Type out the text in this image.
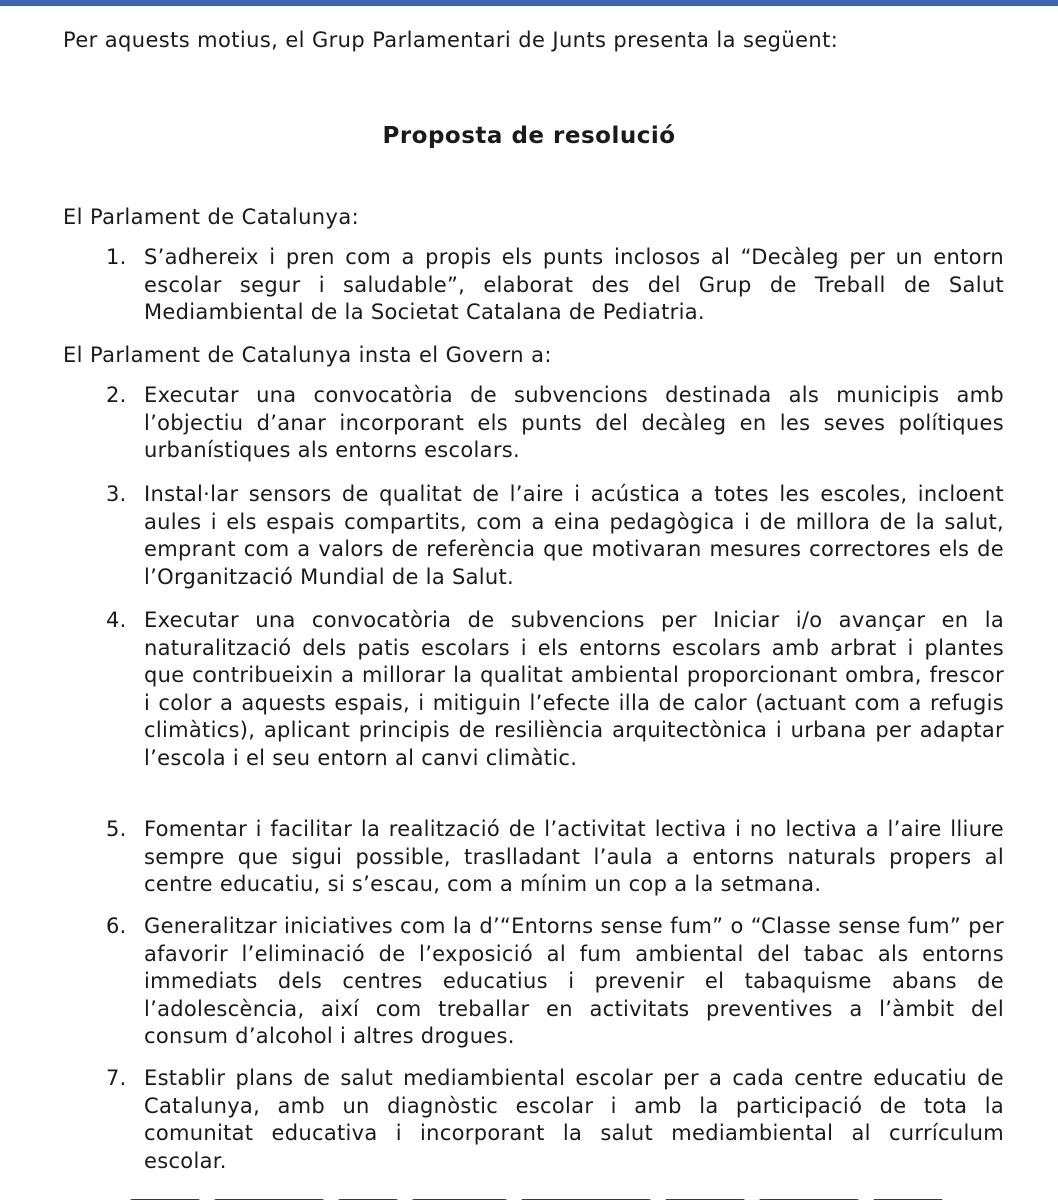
Per aquests motius, el Grup Parlamentari de Junts presenta la següent:
Proposta de resolució
El Parlament de Catalunya:
1. S’adhereix i pren com a propis els punts inclosos al “Decàleg per un entorn escolar segur i saludable”, elaborat des del Grup de Treball de Salut Mediambiental de la Societat Catalana de Pediatria.
El Parlament de Catalunya insta el Govern a:
2. Executar una convocatòria de subvencions destinada als municipis amb l’objectiu d’anar incorporant els punts del decàleg en les seves polítiques urbanístiques als entorns escolars.
3. Instal·lar sensors de qualitat de l’aire i acústica a totes les escoles, incloent aules i els espais compartits, com a eina pedagògica i de millora de la salut, emprant com a valors de referència que motivaran mesures correctores els de l’Organització Mundial de la Salut.
4. Executar una convocatòria de subvencions per Iniciar i/o avançar en la naturalització dels patis escolars i els entorns escolars amb arbrat i plantes que contribueixin a millorar la qualitat ambiental proporcionant ombra, frescor i color a aquests espais, i mitiguin l’efecte illa de calor (actuant com a refugis climàtics), aplicant principis de resiliència arquitectònica i urbana per adaptar l’escola i el seu entorn al canvi climàtic.
5. Fomentar i facilitar la realització de l’activitat lectiva i no lectiva a l’aire lliure sempre que sigui possible, traslladant l’aula a entorns naturals propers al centre educatiu, si s’escau, com a mínim un cop a la setmana.
6. Generalitzar iniciatives com la d’“Entorns sense fum” o “Classe sense fum” per afavorir l’eliminació de l’exposició al fum ambiental del tabac als entorns immediats dels centres educatius i prevenir el tabaquisme abans de l’adolescència, així com treballar en activitats preventives a l’àmbit del consum d’alcohol i altres drogues.
7. Establir plans de salut mediambiental escolar per a cada centre educatiu de Catalunya, amb un diagnòstic escolar i amb la participació de tota la comunitat educativa i incorporant la salut mediambiental al currículum escolar.
